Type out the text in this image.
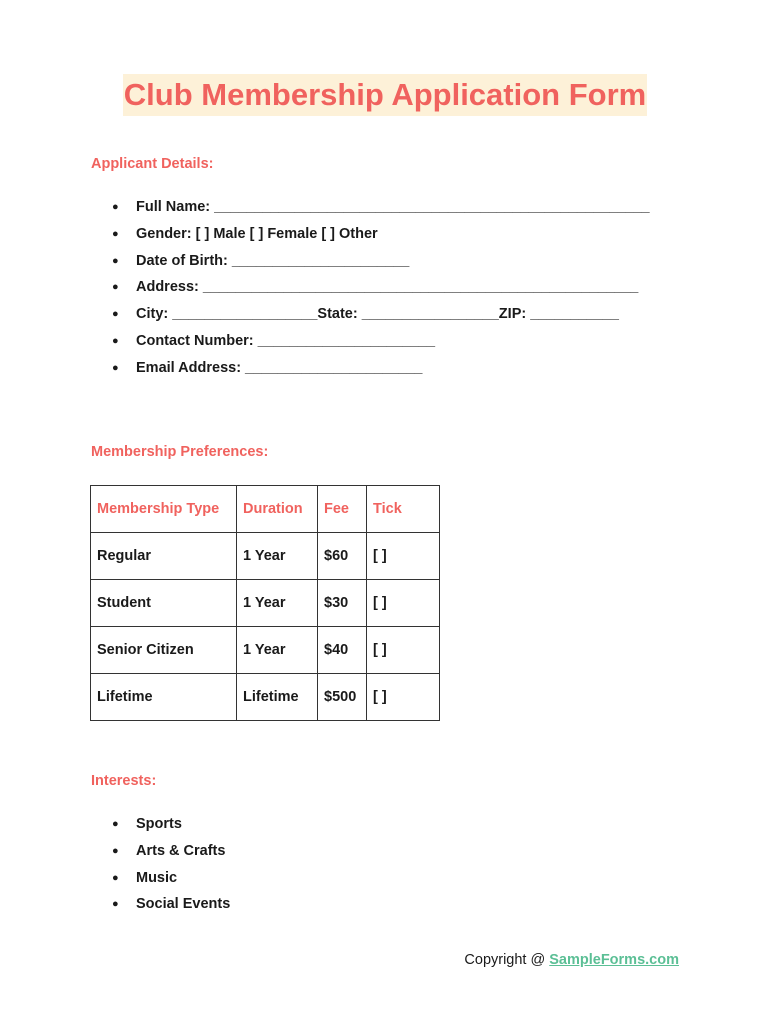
Club Membership Application Form
Applicant Details:
● Full Name: ______________________________________________________
● Gender: [ ] Male [ ] Female [ ] Other
● Date of Birth: ______________________
● Address: ______________________________________________________
● City: __________________State: _________________ZIP: ___________
● Contact Number: ______________________
● Email Address: ______________________
Membership Preferences:
Membership Type	Duration	Fee	Tick
Regular	1 Year	$60	[ ]
Student	1 Year	$30	[ ]
Senior Citizen	1 Year	$40	[ ]
Lifetime	Lifetime	$500	[ ]
Interests:
● Sports
● Arts & Crafts
● Music
● Social Events
Copyright @ SampleForms.com
